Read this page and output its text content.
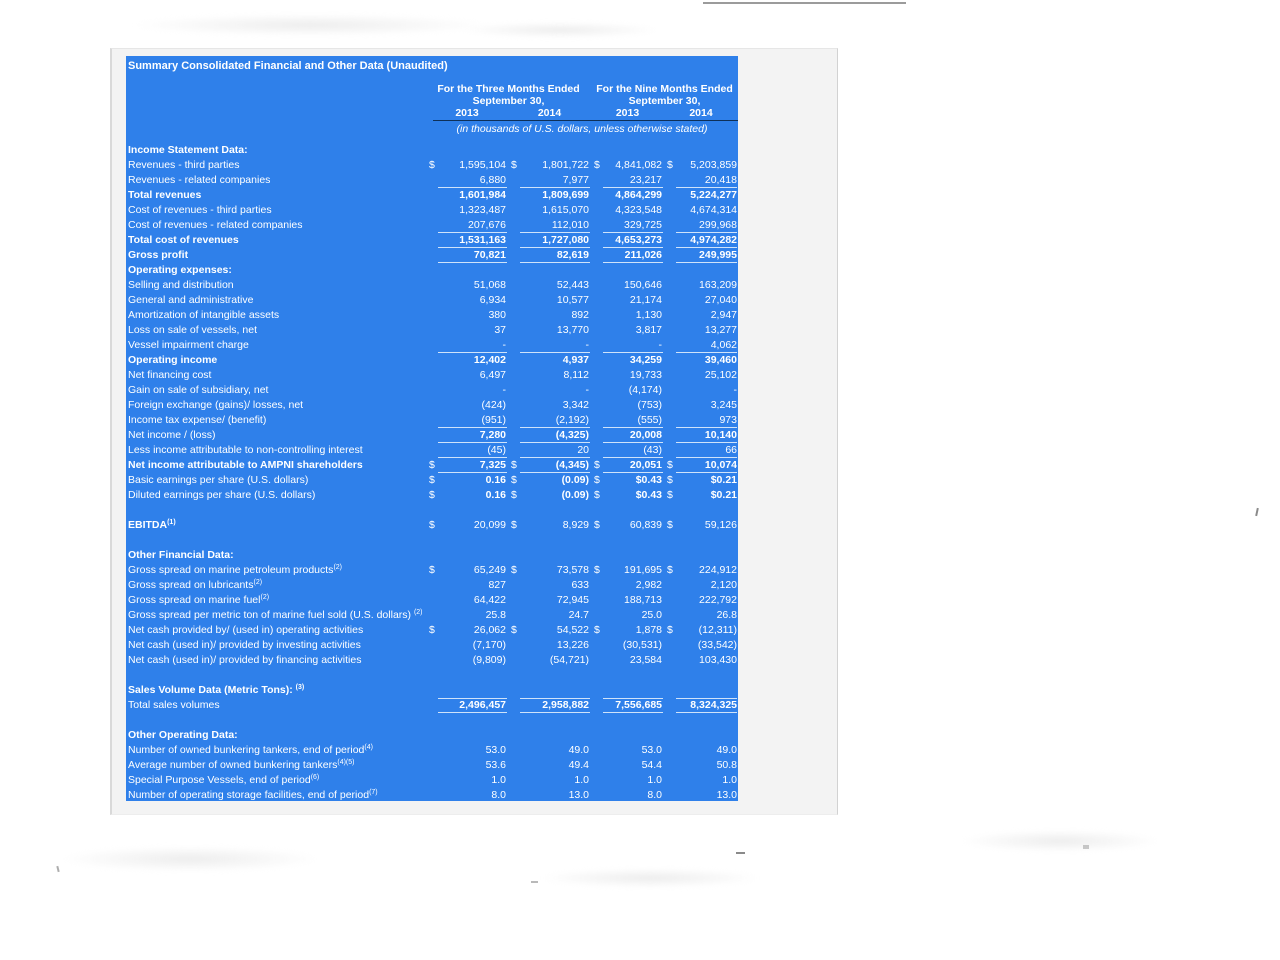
Summary Consolidated Financial and Other Data (Unaudited)
For the Three Months Ended September 30,
For the Nine Months Ended September 30,
2013	2014	2013	2014
(in thousands of U.S. dollars, unless otherwise stated)
Income Statement Data:
Revenues - third parties	$	1,595,104 $	1,801,722 $	4,841,082 $	5,203,859
Revenues - related companies	6,880	7,977	23,217	20,418
Total revenues	1,601,984	1,809,699	4,864,299	5,224,277
Cost of revenues - third parties	1,323,487	1,615,070	4,323,548	4,674,314
Cost of revenues - related companies	207,676	112,010	329,725	299,968
Total cost of revenues	1,531,163	1,727,080	4,653,273	4,974,282
Gross profit	70,821	82,619	211,026	249,995
Operating expenses:
Selling and distribution	51,068	52,443	150,646	163,209
General and administrative	6,934	10,577	21,174	27,040
Amortization of intangible assets	380	892	1,130	2,947
Loss on sale of vessels, net	37	13,770	3,817	13,277
Vessel impairment charge	-	-	-	4,062
Operating income	12,402	4,937	34,259	39,460
Net financing cost	6,497	8,112	19,733	25,102
Gain on sale of subsidiary, net	-	-	(4,174)	-
Foreign exchange (gains)/ losses, net	(424)	3,342	(753)	3,245
Income tax expense/ (benefit)	(951)	(2,192)	(555)	973
Net income / (loss)	7,280	(4,325)	20,008	10,140
Less income attributable to non-controlling interest	(45)	20	(43)	66
Net income attributable to AMPNI shareholders	$	7,325 $	(4,345) $	20,051 $	10,074
Basic earnings per share (U.S. dollars)	$	0.16 $	(0.09) $	$0.43 $	$0.21
Diluted earnings per share (U.S. dollars)	$	0.16 $	(0.09) $	$0.43 $	$0.21
EBITDA$^{(1)}$	$	20,099 $	8,929 $	60,839 $	59,126
Other Financial Data:
Gross spread on marine petroleum products$^{(2)}$	$	65,249 $	73,578 $	191,695 $	224,912
Gross spread on lubricants$^{(2)}$	827	633	2,982	2,120
Gross spread on marine fuel$^{(2)}$	64,422	72,945	188,713	222,792
Gross spread per metric ton of marine fuel sold (U.S. dollars) $^{(2)}$	25.8	24.7	25.0	26.8
Net cash provided by/ (used in) operating activities	$	26,062 $	54,522 $	1,878 $	(12,311)
Net cash (used in)/ provided by investing activities	(7,170)	13,226	(30,531)	(33,542)
Net cash (used in)/ provided by financing activities	(9,809)	(54,721)	23,584	103,430
Sales Volume Data (Metric Tons): $^{(3)}$
Total sales volumes	2,496,457	2,958,882	7,556,685	8,324,325
Other Operating Data:
Number of owned bunkering tankers, end of period$^{(4)}$	53.0	49.0	53.0	49.0
Average number of owned bunkering tankers$^{(4)(5)}$	53.6	49.4	54.4	50.8
Special Purpose Vessels, end of period$^{(6)}$	1.0	1.0	1.0	1.0
Number of operating storage facilities, end of period$^{(7)}$	8.0	13.0	8.0	13.0
